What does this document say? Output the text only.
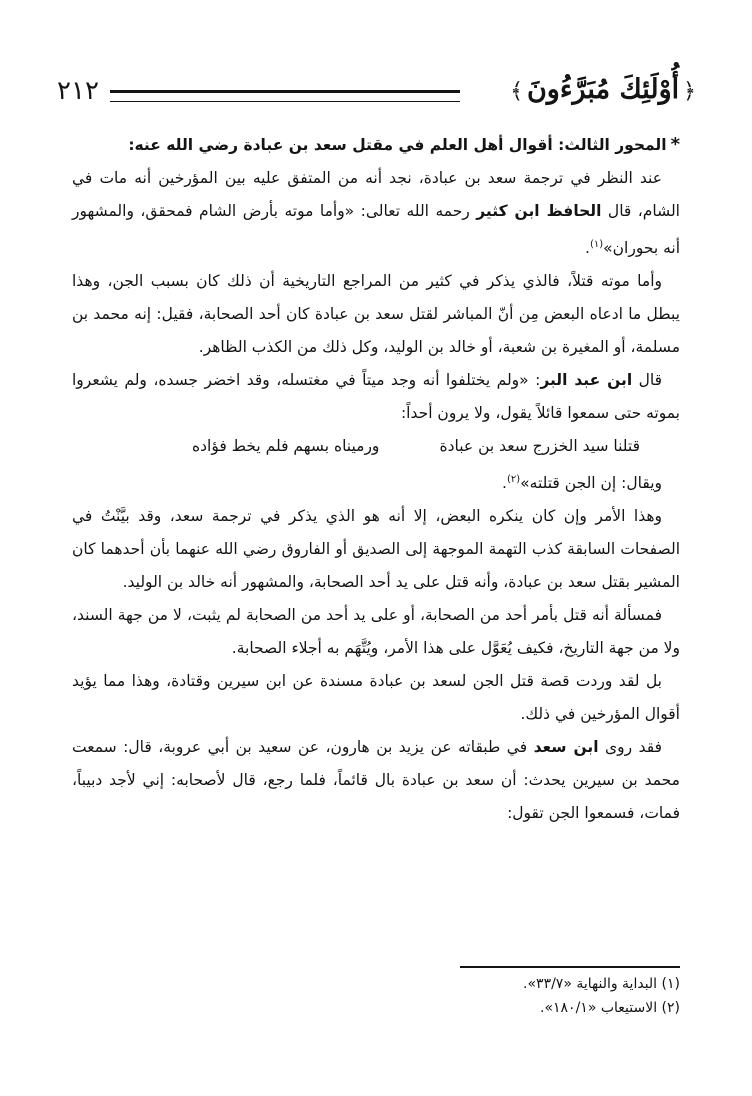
﴿أُوْلَئِكَ مُبَرَّءُونَ﴾
٢١٢

*المحور الثالث: أقوال أهل العلم في مقتل سعد بن عبادة رضي الله عنه:

عند النظر في ترجمة سعد بن عبادة، نجد أنه من المتفق عليه بين المؤرخين أنه مات في الشام، قال الحافظ ابن كثير رحمه الله تعالى: «وأما موته بأرض الشام فمحقق، والمشهور أنه بحوران»$^{(١)}$.

وأما موته قتلاً، فالذي يذكر في كثير من المراجع التاريخية أن ذلك كان بسبب الجن، وهذا يبطل ما ادعاه البعض مِن أنّ المباشر لقتل سعد بن عبادة كان أحد الصحابة، فقيل: إنه محمد بن مسلمة، أو المغيرة بن شعبة، أو خالد بن الوليد، وكل ذلك من الكذب الظاهر.

قال ابن عبد البر: «ولم يختلفوا أنه وجد ميتاً في مغتسله، وقد اخضر جسده، ولم يشعروا بموته حتى سمعوا قائلاً يقول، ولا يرون أحداً:

قتلنا سيد الخزرج سعد بن عبادة
ورميناه بسهم فلم يخط فؤاده

ويقال: إن الجن قتلته»$^{(٢)}$.

وهذا الأمر وإن كان ينكره البعض، إلا أنه هو الذي يذكر في ترجمة سعد، وقد بيَّنْتُ في الصفحات السابقة كذب التهمة الموجهة إلى الصديق أو الفاروق رضي الله عنهما بأن أحدهما كان المشير بقتل سعد بن عبادة، وأنه قتل على يد أحد الصحابة، والمشهور أنه خالد بن الوليد.

فمسألة أنه قتل بأمر أحد من الصحابة، أو على يد أحد من الصحابة لم يثبت، لا من جهة السند، ولا من جهة التاريخ، فكيف يُعَوَّل على هذا الأمر، ويُتَّهَم به أجلاء الصحابة.

بل لقد وردت قصة قتل الجن لسعد بن عبادة مسندة عن ابن سيرين وقتادة، وهذا مما يؤيد أقوال المؤرخين في ذلك.

فقد روى ابن سعد في طبقاته عن يزيد بن هارون، عن سعيد بن أبي عروبة، قال: سمعت محمد بن سيرين يحدث: أن سعد بن عبادة بال قائماً، فلما رجع، قال لأصحابه: إني لأجد دبيباً، فمات، فسمعوا الجن تقول:

(١) البداية والنهاية «٣٣/٧».
(٢) الاستيعاب «١٨٠/١».
